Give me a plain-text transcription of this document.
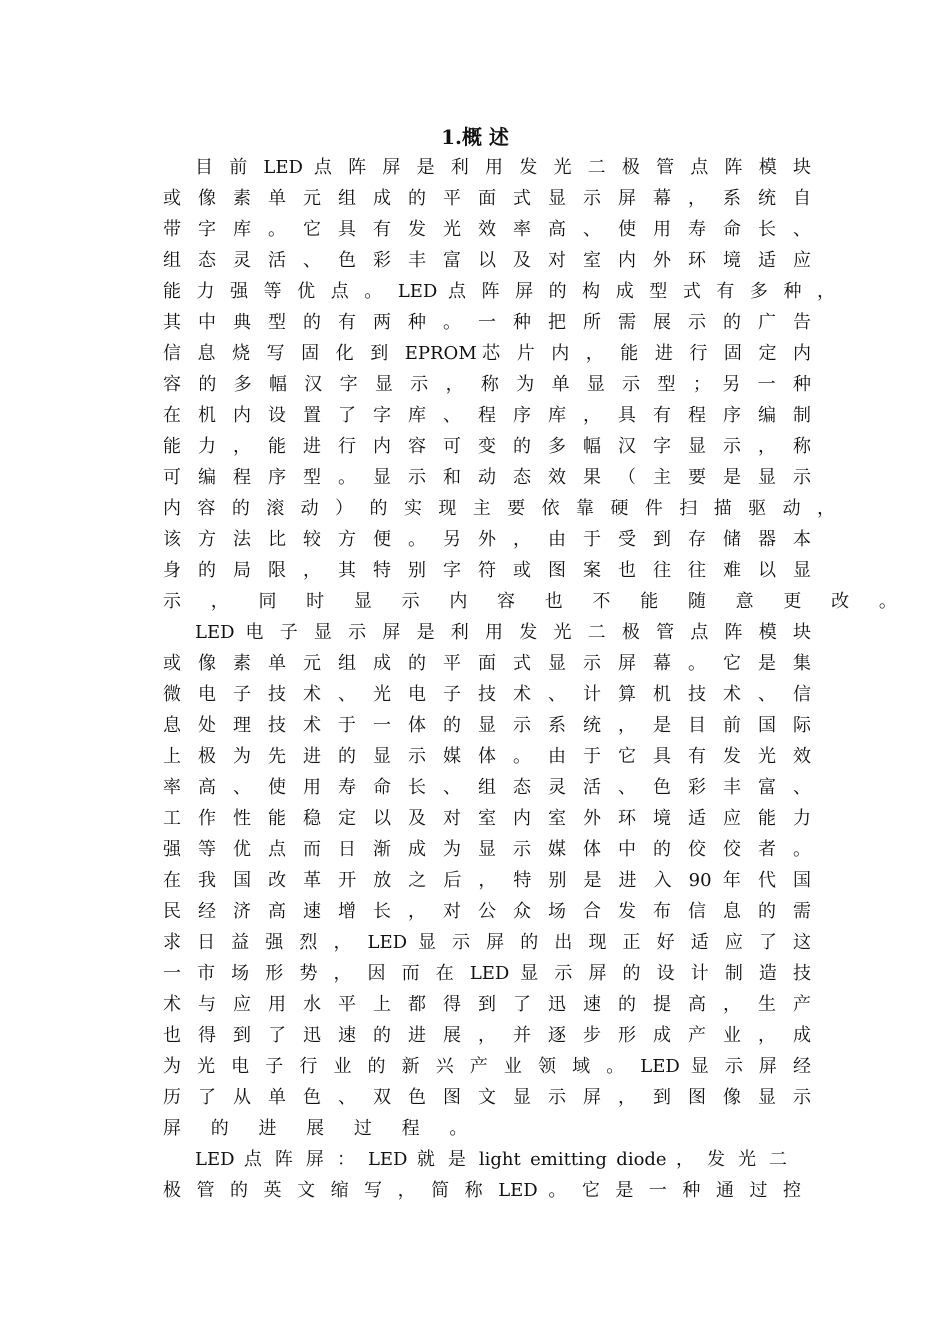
1.概 述
目 前 LED 点 阵 屏 是 利 用 发 光 二 极 管 点 阵 模 块
或 像 素 单 元 组 成 的 平 面 式 显 示 屏 幕 ， 系 统 自
带 字 库 。 它 具 有 发 光 效 率 高 、 使 用 寿 命 长 、
组 态 灵 活 、 色 彩 丰 富 以 及 对 室 内 外 环 境 适 应
能 力 强 等 优 点 。 LED 点 阵 屏 的 构 成 型 式 有 多 种 ，
其 中 典 型 的 有 两 种 。 一 种 把 所 需 展 示 的 广 告
信 息 烧 写 固 化 到 EPROM芯 片 内 ， 能 进 行 固 定 内
容 的 多 幅 汉 字 显 示 ， 称 为 单 显 示 型 ； 另 一 种
在 机 内 设 置 了 字 库 、 程 序 库 ， 具 有 程 序 编 制
能 力 ， 能 进 行 内 容 可 变 的 多 幅 汉 字 显 示 ， 称
可 编 程 序 型 。 显 示 和 动 态 效 果 （ 主 要 是 显 示
内 容 的 滚 动 ） 的 实 现 主 要 依 靠 硬 件 扫 描 驱 动 ，
该 方 法 比 较 方 便 。 另 外 ， 由 于 受 到 存 储 器 本
身 的 局 限 ， 其 特 别 字 符 或 图 案 也 往 往 难 以 显
示 ， 同 时 显 示 内 容 也 不 能 随 意 更 改 。
LED 电 子 显 示 屏 是 利 用 发 光 二 极 管 点 阵 模 块
或 像 素 单 元 组 成 的 平 面 式 显 示 屏 幕 。 它 是 集
微 电 子 技 术 、 光 电 子 技 术 、 计 算 机 技 术 、 信
息 处 理 技 术 于 一 体 的 显 示 系 统 ， 是 目 前 国 际
上 极 为 先 进 的 显 示 媒 体 。 由 于 它 具 有 发 光 效
率 高 、 使 用 寿 命 长 、 组 态 灵 活 、 色 彩 丰 富 、
工 作 性 能 稳 定 以 及 对 室 内 室 外 环 境 适 应 能 力
强 等 优 点 而 日 渐 成 为 显 示 媒 体 中 的 佼 佼 者 。
在 我 国 改 革 开 放 之 后 ， 特 别 是 进 入 90 年 代 国
民 经 济 高 速 增 长 ， 对 公 众 场 合 发 布 信 息 的 需
求 日 益 强 烈 ， LED 显 示 屏 的 出 现 正 好 适 应 了 这
一 市 场 形 势 ， 因 而 在 LED 显 示 屏 的 设 计 制 造 技
术 与 应 用 水 平 上 都 得 到 了 迅 速 的 提 高 ， 生 产
也 得 到 了 迅 速 的 进 展 ， 并 逐 步 形 成 产 业 ， 成
为 光 电 子 行 业 的 新 兴 产 业 领 域 。 LED 显 示 屏 经
历 了 从 单 色 、 双 色 图 文 显 示 屏 ， 到 图 像 显 示
屏 的 进 展 过 程 。
LED 点 阵 屏 ： LED 就 是 light emitting diode ， 发 光 二
极 管 的 英 文 缩 写 ， 简 称 LED 。 它 是 一 种 通 过 控
